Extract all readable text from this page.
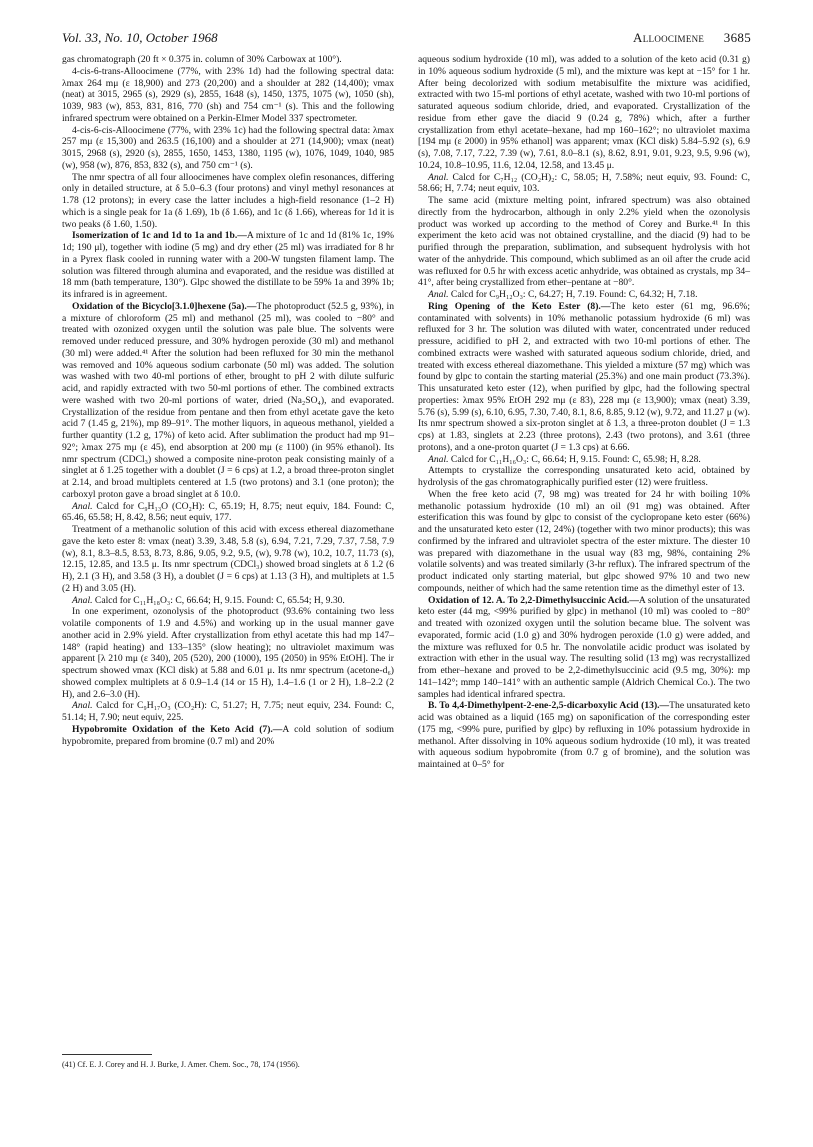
Vol. 33, No. 10, October 1968	Alloocimene 3685

gas chromatograph (20 ft × 0.375 in. column of 30% Carbowax at 100°).

4-cis-6-trans-Alloocimene (77%, with 23% 1d) had the following spectral data: λmax 264 mμ (ε 18,900) and 273 (20,200) and a shoulder at 282 (14,400); νmax (neat) at 3015, 2965 (s), 2929 (s), 2855, 1648 (s), 1450, 1375, 1075 (w), 1050 (sh), 1039, 983 (w), 853, 831, 816, 770 (sh) and 754 cm⁻¹ (s). This and the following infrared spectrum were obtained on a Perkin-Elmer Model 337 spectrometer.

4-cis-6-cis-Alloocimene (77%, with 23% 1c) had the following spectral data: λmax 257 mμ (ε 15,300) and 263.5 (16,100) and a shoulder at 271 (14,900); νmax (neat) 3015, 2968 (s), 2920 (s), 2855, 1650, 1453, 1380, 1195 (w), 1076, 1049, 1040, 985 (w), 958 (w), 876, 853, 832 (s), and 750 cm⁻¹ (s).

The nmr spectra of all four alloocimenes have complex olefin resonances, differing only in detailed structure, at δ 5.0–6.3 (four protons) and vinyl methyl resonances at 1.78 (12 protons); in every case the latter includes a high-field resonance (1–2 H) which is a single peak for 1a (δ 1.69), 1b (δ 1.66), and 1c (δ 1.66), whereas for 1d it is two peaks (δ 1.60, 1.50).

Isomerization of 1c and 1d to 1a and 1b.—A mixture of 1c and 1d (81% 1c, 19% 1d; 190 μl), together with iodine (5 mg) and dry ether (25 ml) was irradiated for 8 hr in a Pyrex flask cooled in running water with a 200-W tungsten filament lamp. The solution was filtered through alumina and evaporated, and the residue was distilled at 18 mm (bath temperature, 130°). Glpc showed the distillate to be 59% 1a and 39% 1b; its infrared is in agreement.

Oxidation of the Bicyclo[3.1.0]hexene (5a).—The photoproduct (52.5 g, 93%), in a mixture of chloroform (25 ml) and methanol (25 ml), was cooled to −80° and treated with ozonized oxygen until the solution was pale blue. The solvents were removed under reduced pressure, and 30% hydrogen peroxide (30 ml) and methanol (30 ml) were added.⁴¹ After the solution had been refluxed for 30 min the methanol was removed and 10% aqueous sodium carbonate (50 ml) was added. The solution was washed with two 40-ml portions of ether, brought to pH 2 with dilute sulfuric acid, and rapidly extracted with two 50-ml portions of ether. The combined extracts were washed with two 20-ml portions of water, dried (Na₂SO₄), and evaporated. Crystallization of the residue from pentane and then from ethyl acetate gave the keto acid 7 (1.45 g, 21%), mp 89–91°. The mother liquors, in aqueous methanol, yielded a further quantity (1.2 g, 17%) of keto acid. After sublimation the product had mp 91–92°; λmax 275 mμ (ε 45), end absorption at 200 mμ (ε 1100) (in 95% ethanol). Its nmr spectrum (CDCl₃) showed a composite nine-proton peak consisting mainly of a singlet at δ 1.25 together with a doublet (J = 6 cps) at 1.2, a broad three-proton singlet at 2.14, and broad multiplets centered at 1.5 (two protons) and 3.1 (one proton); the carboxyl proton gave a broad singlet at δ 10.0.

Anal. Calcd for C₉H₁₃O (CO₂H): C, 65.19; H, 8.75; neut equiv, 184. Found: C, 65.46, 65.58; H, 8.42, 8.56; neut equiv, 177.

Treatment of a methanolic solution of this acid with excess ethereal diazomethane gave the keto ester 8: νmax (neat) 3.39, 3.48, 5.8 (s), 6.94, 7.21, 7.29, 7.37, 7.58, 7.9 (w), 8.1, 8.3–8.5, 8.53, 8.73, 8.86, 9.05, 9.2, 9.5, (w), 9.78 (w), 10.2, 10.7, 11.73 (s), 12.15, 12.85, and 13.5 μ. Its nmr spectrum (CDCl₃) showed broad singlets at δ 1.2 (6 H), 2.1 (3 H), and 3.58 (3 H), a doublet (J = 6 cps) at 1.13 (3 H), and multiplets at 1.5 (2 H) and 3.05 (H).

Anal. Calcd for C₁₁H₁₈O₃: C, 66.64; H, 9.15. Found: C, 65.54; H, 9.30.

In one experiment, ozonolysis of the photoproduct (93.6% containing two less volatile components of 1.9 and 4.5%) and working up in the usual manner gave another acid in 2.9% yield. After crystallization from ethyl acetate this had mp 147–148° (rapid heating) and 133–135° (slow heating); no ultraviolet maximum was apparent [λ 210 mμ (ε 340), 205 (520), 200 (1000), 195 (2050) in 95% EtOH]. The ir spectrum showed νmax (KCl disk) at 5.88 and 6.01 μ. Its nmr spectrum (acetone-d₆) showed complex multiplets at δ 0.9–1.4 (14 or 15 H), 1.4–1.6 (1 or 2 H), 1.8–2.2 (2 H), and 2.6–3.0 (H).

Anal. Calcd for C₉H₁₇O₃ (CO₂H): C, 51.27; H, 7.75; neut equiv, 234. Found: C, 51.14; H, 7.90; neut equiv, 225.

Hypobromite Oxidation of the Keto Acid (7).—A cold solution of sodium hypobromite, prepared from bromine (0.7 ml) and 20%

aqueous sodium hydroxide (10 ml), was added to a solution of the keto acid (0.31 g) in 10% aqueous sodium hydroxide (5 ml), and the mixture was kept at −15° for 1 hr. After being decolorized with sodium metabisulfite the mixture was acidified, extracted with two 15-ml portions of ethyl acetate, washed with two 10-ml portions of saturated aqueous sodium chloride, dried, and evaporated. Crystallization of the residue from ether gave the diacid 9 (0.24 g, 78%) which, after a further crystallization from ethyl acetate–hexane, had mp 160–162°; no ultraviolet maxima [194 mμ (ε 2000) in 95% ethanol] was apparent; νmax (KCl disk) 5.84–5.92 (s), 6.9 (s), 7.08, 7.17, 7.22, 7.39 (w), 7.61, 8.0–8.1 (s), 8.62, 8.91, 9.01, 9.23, 9.5, 9.96 (w), 10.24, 10.8–10.95, 11.6, 12.04, 12.58, and 13.45 μ.

Anal. Calcd for C₇H₁₂ (CO₂H)₂: C, 58.05; H, 7.58%; neut equiv, 93. Found: C, 58.66; H, 7.74; neut equiv, 103.

The same acid (mixture melting point, infrared spectrum) was also obtained directly from the hydrocarbon, although in only 2.2% yield when the ozonolysis product was worked up according to the method of Corey and Burke.⁴¹ In this experiment the keto acid was not obtained crystalline, and the diacid (9) had to be purified through the preparation, sublimation, and subsequent hydrolysis with hot water of the anhydride. This compound, which sublimed as an oil after the crude acid was refluxed for 0.5 hr with excess acetic anhydride, was obtained as crystals, mp 34–41°, after being crystallized from ether–pentane at −80°.

Anal. Calcd for C₉H₁₂O₃: C, 64.27; H, 7.19. Found: C, 64.32; H, 7.18.

Ring Opening of the Keto Ester (8).—The keto ester (61 mg, 96.6%; contaminated with solvents) in 10% methanolic potassium hydroxide (6 ml) was refluxed for 3 hr. The solution was diluted with water, concentrated under reduced pressure, acidified to pH 2, and extracted with two 10-ml portions of ether. The combined extracts were washed with saturated aqueous sodium chloride, dried, and treated with excess ethereal diazomethane. This yielded a mixture (57 mg) which was found by glpc to contain the starting material (25.3%) and one main product (73.3%). This unsaturated keto ester (12), when purified by glpc, had the following spectral properties: λmax 95% EtOH 292 mμ (ε 83), 228 mμ (ε 13,900); νmax (neat) 3.39, 5.76 (s), 5.99 (s), 6.10, 6.95, 7.30, 7.40, 8.1, 8.6, 8.85, 9.12 (w), 9.72, and 11.27 μ (w). Its nmr spectrum showed a six-proton singlet at δ 1.3, a three-proton doublet (J = 1.3 cps) at 1.83, singlets at 2.23 (three protons), 2.43 (two protons), and 3.61 (three protons), and a one-proton quartet (J = 1.3 cps) at 6.66.

Anal. Calcd for C₁₁H₁₆O₃: C, 66.64; H, 9.15. Found: C, 65.98; H, 8.28.

Attempts to crystallize the corresponding unsaturated keto acid, obtained by hydrolysis of the gas chromatographically purified ester (12) were fruitless.

When the free keto acid (7, 98 mg) was treated for 24 hr with boiling 10% methanolic potassium hydroxide (10 ml) an oil (91 mg) was obtained. After esterification this was found by glpc to consist of the cyclopropane keto ester (66%) and the unsaturated keto ester (12, 24%) (together with two minor products); this was confirmed by the infrared and ultraviolet spectra of the ester mixture. The diester 10 was prepared with diazomethane in the usual way (83 mg, 98%, containing 2% volatile solvents) and was treated similarly (3-hr reflux). The infrared spectrum of the product indicated only starting material, but glpc showed 97% 10 and two new compounds, neither of which had the same retention time as the dimethyl ester of 13.

Oxidation of 12. A. To 2,2-Dimethylsuccinic Acid.—A solution of the unsaturated keto ester (44 mg, <99% purified by glpc) in methanol (10 ml) was cooled to −80° and treated with ozonized oxygen until the solution became blue. The solvent was evaporated, formic acid (1.0 g) and 30% hydrogen peroxide (1.0 g) were added, and the mixture was refluxed for 0.5 hr. The nonvolatile acidic product was isolated by extraction with ether in the usual way. The resulting solid (13 mg) was recrystallized from ether–hexane and proved to be 2,2-dimethylsuccinic acid (9.5 mg, 30%): mp 141–142°; mmp 140–141° with an authentic sample (Aldrich Chemical Co.). The two samples had identical infrared spectra.

B. To 4,4-Dimethylpent-2-ene-2,5-dicarboxylic Acid (13).—The unsaturated keto acid was obtained as a liquid (165 mg) on saponification of the corresponding ester (175 mg, <99% pure, purified by glpc) by refluxing in 10% potassium hydroxide in methanol. After dissolving in 10% aqueous sodium hydroxide (10 ml), it was treated with aqueous sodium hypobromite (from 0.7 g of bromine), and the solution was maintained at 0–5° for

(41) Cf. E. J. Corey and H. J. Burke, J. Amer. Chem. Soc., 78, 174 (1956).
